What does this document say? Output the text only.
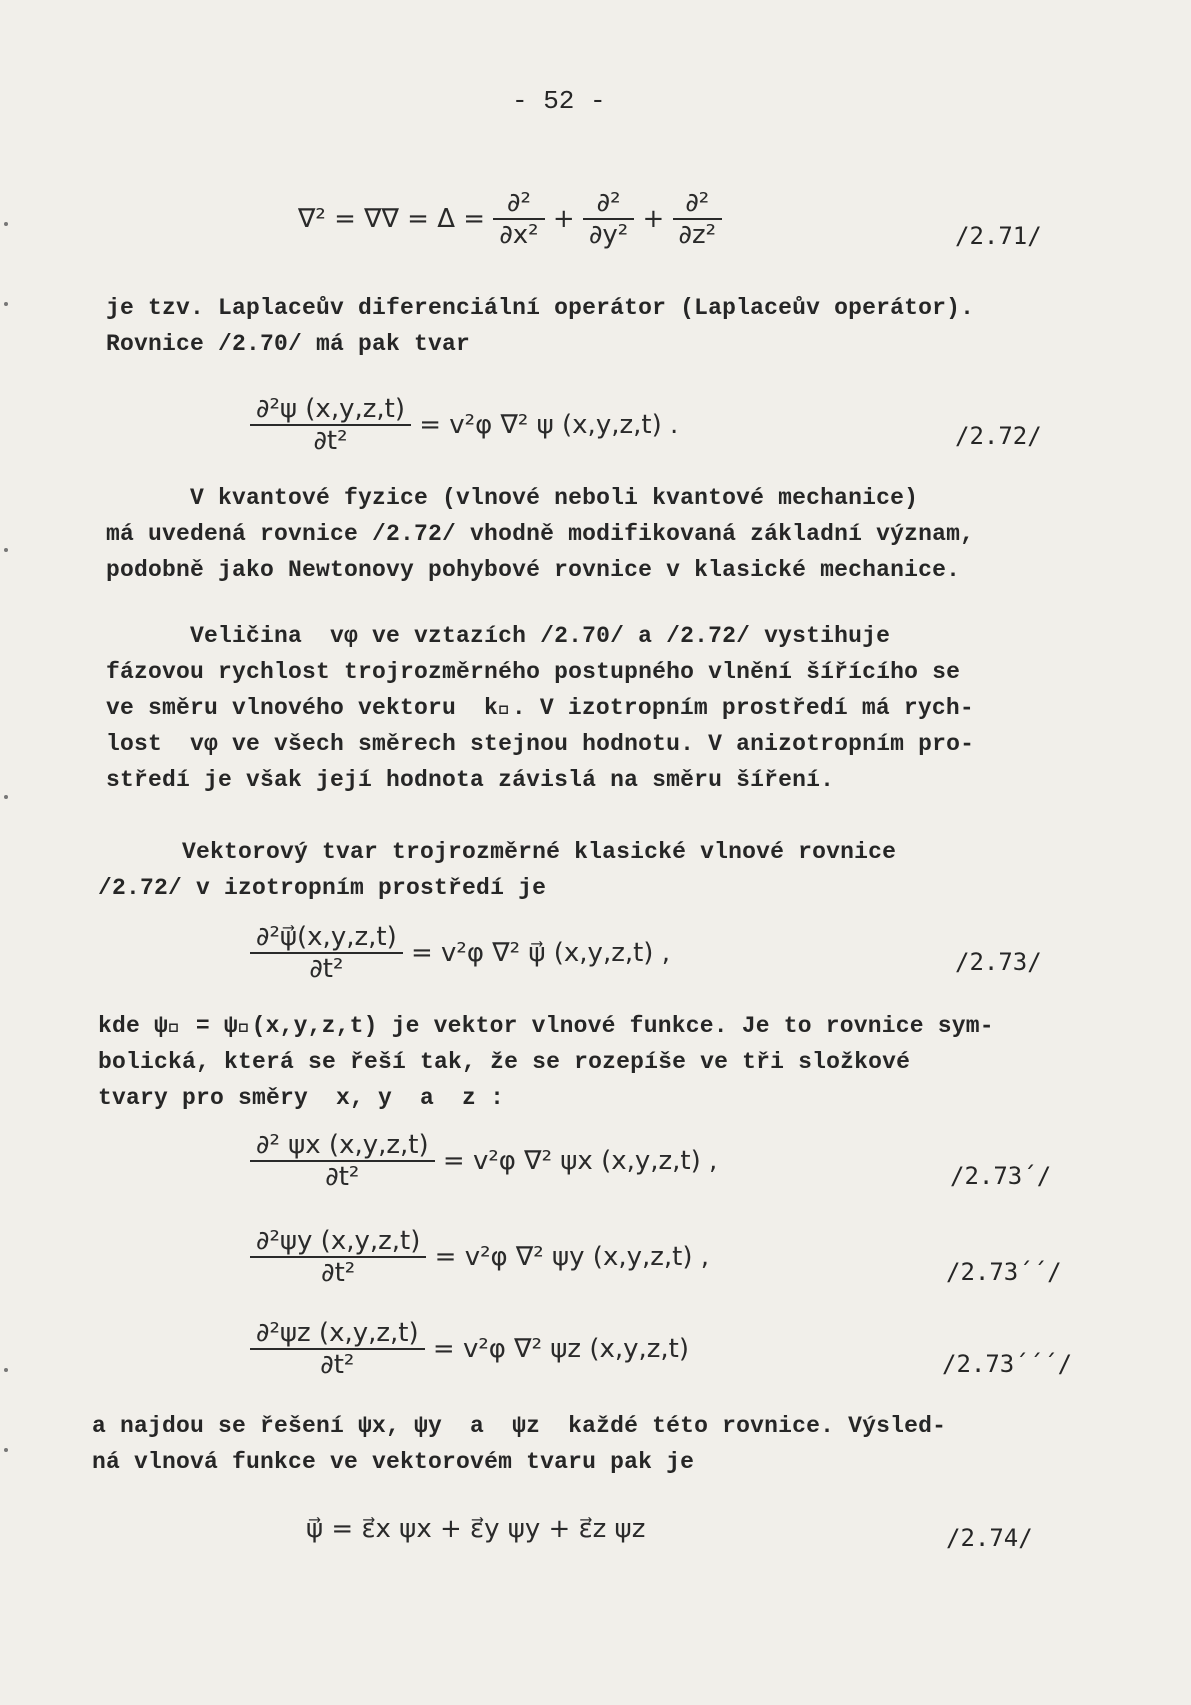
- 52 -
∇² = ∇∇ = $\Delta = \frac{\text{∂²}}{\text{∂x²}} + \frac{\text{∂²}}{\text{∂y²}} + \frac{\text{∂²}}{\text{∂z²}}$	/2.71/

je tzv. Laplaceův diferenciální operátor (Laplaceův operátor).
Rovnice /2.70/ má pak tvar

$\frac{\text{∂²ψ (x,y,z,t)}}{\text{∂t²}} = v^2\varphi$ ∇² ψ (x,y,z,t) .	/2.72/

V kvantové fyzice (vlnové neboli kvantové mechanice)
má uvedená rovnice /2.72/ vhodně modifikovaná základní význam,
podobně jako Newtonovy pohybové rovnice v klasické mechanice.

Veličina  vφ ve vztazích /2.70/ a /2.72/ vystihuje
fázovou rychlost trojrozměrného postupného vlnění šířícího se
ve směru vlnového vektoru  k⃗. V izotropním prostředí má rych-
lost  vφ ve všech směrech stejnou hodnotu. V anizotropním pro-
středí je však její hodnota závislá na směru šíření.

Vektorový tvar trojrozměrné klasické vlnové rovnice
/2.72/ v izotropním prostředí je

$\frac{\text{∂²ψ⃗(x,y,z,t)}}{\text{∂t²}} = v^2\varphi$ ∇² ψ⃗ (x,y,z,t) ,	/2.73/

kde ψ⃗ = ψ⃗(x,y,z,t) je vektor vlnové funkce. Je to rovnice sym-
bolická, která se řeší tak, že se rozepíše ve tři složkové
tvary pro směry  x, y  a  z :

$\frac{\text{∂² ψx (x,y,z,t)}}{\text{∂t²}} = v^2\varphi$ ∇² ψx (x,y,z,t) ,	/2.73´/
$\frac{\text{∂²ψy (x,y,z,t)}}{\text{∂t²}} = v^2\varphi$ ∇² ψy (x,y,z,t) ,	/2.73´´/
$\frac{\text{∂²ψz (x,y,z,t)}}{\text{∂t²}} = v^2\varphi$ ∇² ψz (x,y,z,t)	/2.73´´´/

a najdou se řešení ψx, ψy  a  ψz  každé této rovnice. Výsled-
ná vlnová funkce ve vektorovém tvaru pak je

ψ⃗ = ε⃗x ψx + ε⃗y ψy + ε⃗z ψz	/2.74/
